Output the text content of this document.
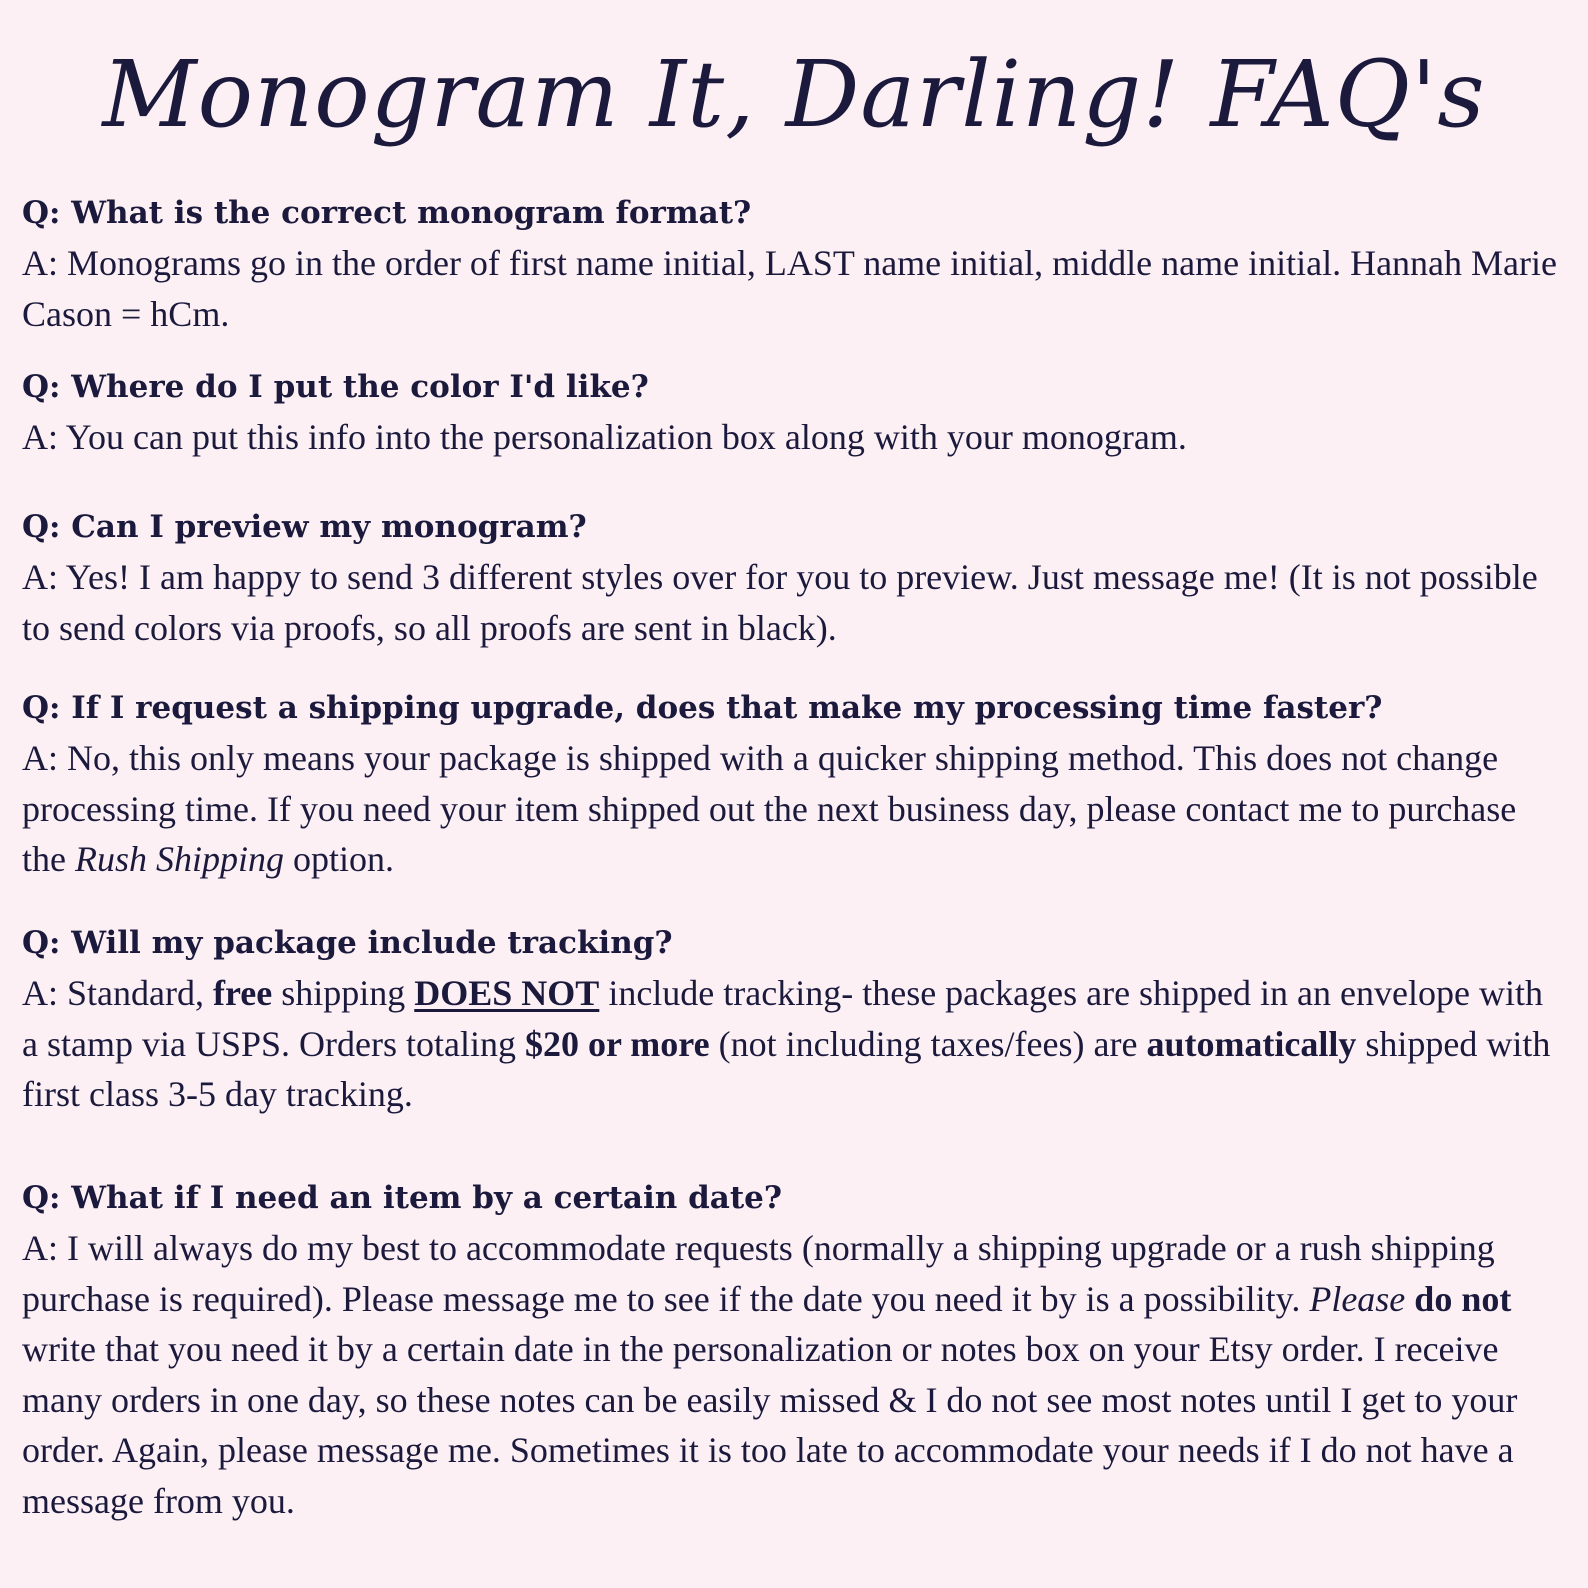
Monogram It, Darling! FAQ's
Q: What is the correct monogram format?
A: Monograms go in the order of first name initial, LAST name initial, middle name initial. Hannah Marie Cason = hCm.
Q: Where do I put the color I'd like?
A: You can put this info into the personalization box along with your monogram.
Q: Can I preview my monogram?
A: Yes! I am happy to send 3 different styles over for you to preview. Just message me! (It is not possible to send colors via proofs, so all proofs are sent in black).
Q: If I request a shipping upgrade, does that make my processing time faster?
A: No, this only means your package is shipped with a quicker shipping method. This does not change processing time. If you need your item shipped out the next business day, please contact me to purchase the Rush Shipping option.
Q: Will my package include tracking?
A: Standard, free shipping DOES NOT include tracking- these packages are shipped in an envelope with a stamp via USPS. Orders totaling $20 or more (not including taxes/fees) are automatically shipped with first class 3-5 day tracking.
Q: What if I need an item by a certain date?
A: I will always do my best to accommodate requests (normally a shipping upgrade or a rush shipping purchase is required). Please message me to see if the date you need it by is a possibility. Please do not write that you need it by a certain date in the personalization or notes box on your Etsy order. I receive many orders in one day, so these notes can be easily missed & I do not see most notes until I get to your order. Again, please message me. Sometimes it is too late to accommodate your needs if I do not have a message from you.
